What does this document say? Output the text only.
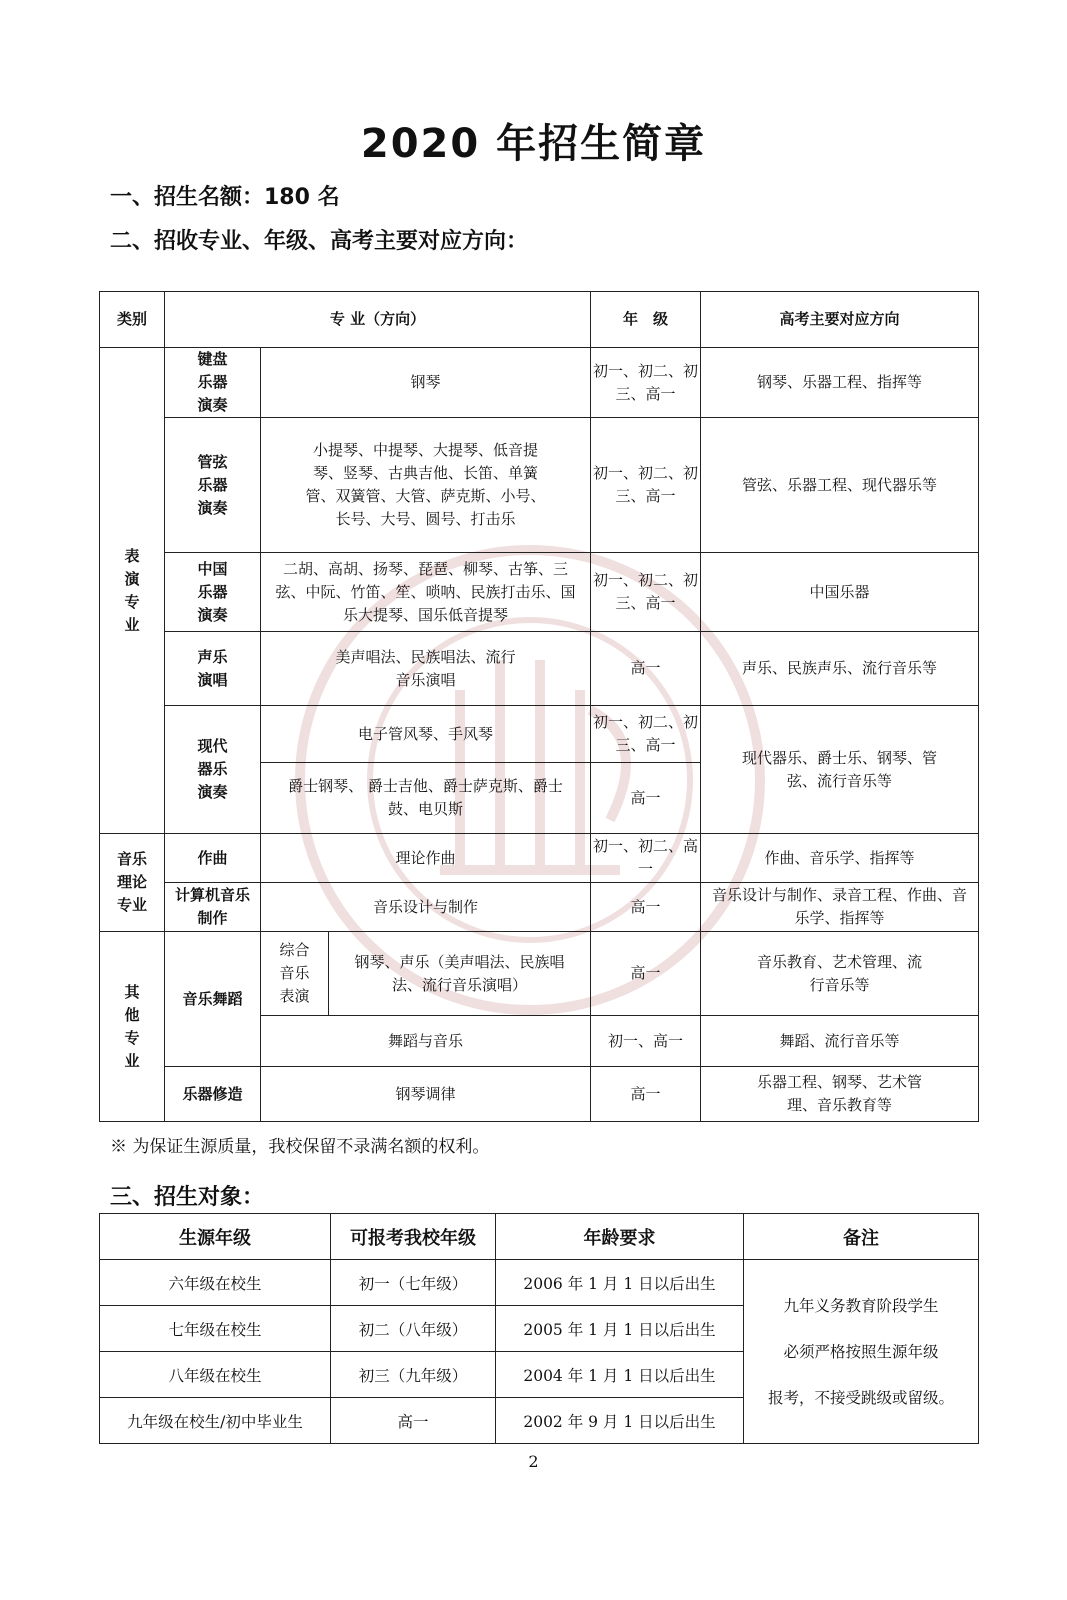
2020 年招生简章
一、招生名额：180 名
二、招收专业、年级、高考主要对应方向：
类别	专 业（方向）			年　级	高考主要对应方向
表演专业	键盘乐器演奏	钢琴		初一、初二、初三、高一	钢琴、乐器工程、指挥等
	管弦乐器演奏	小提琴、中提琴、大提琴、低音提琴、竖琴、古典吉他、长笛、单簧管、双簧管、大管、萨克斯、小号、长号、大号、圆号、打击乐		初一、初二、初三、高一	管弦、乐器工程、现代器乐等
	中国乐器演奏	二胡、高胡、扬琴、琵琶、柳琴、古筝、三弦、中阮、竹笛、笙、唢呐、民族打击乐、国乐大提琴、国乐低音提琴		初一、初二、初三、高一	中国乐器
	声乐演唱	美声唱法、民族唱法、流行音乐演唱		高一	声乐、民族声乐、流行音乐等
	现代器乐演奏	电子管风琴、手风琴		初一、初二、初三、高一	现代器乐、爵士乐、钢琴、管弦、流行音乐等
		爵士钢琴、 爵士吉他、爵士萨克斯、爵士鼓、电贝斯		高一	
音乐理论专业	作曲	理论作曲		初一、初二、高一	作曲、音乐学、指挥等
	计算机音乐制作	音乐设计与制作		高一	音乐设计与制作、录音工程、作曲、音乐学、指挥等
其他专业	音乐舞蹈	综合音乐表演	钢琴、声乐（美声唱法、民族唱法、流行音乐演唱）	高一	音乐教育、艺术管理、流行音乐等
		舞蹈与音乐		初一、高一	舞蹈、流行音乐等
	乐器修造	钢琴调律		高一	乐器工程、钢琴、艺术管理、音乐教育等
※ 为保证生源质量，我校保留不录满名额的权利。
三、招生对象：
生源年级	可报考我校年级	年龄要求	备注
六年级在校生	初一（七年级）	2006 年 1 月 1 日以后出生	九年义务教育阶段学生
必须严格按照生源年级
报考，不接受跳级或留级。

七年级在校生	初二（八年级）	2005 年 1 月 1 日以后出生	
八年级在校生	初三（九年级）	2004 年 1 月 1 日以后出生	
九年级在校生/初中毕业生	高一	2002 年 9 月 1 日以后出生	
2
